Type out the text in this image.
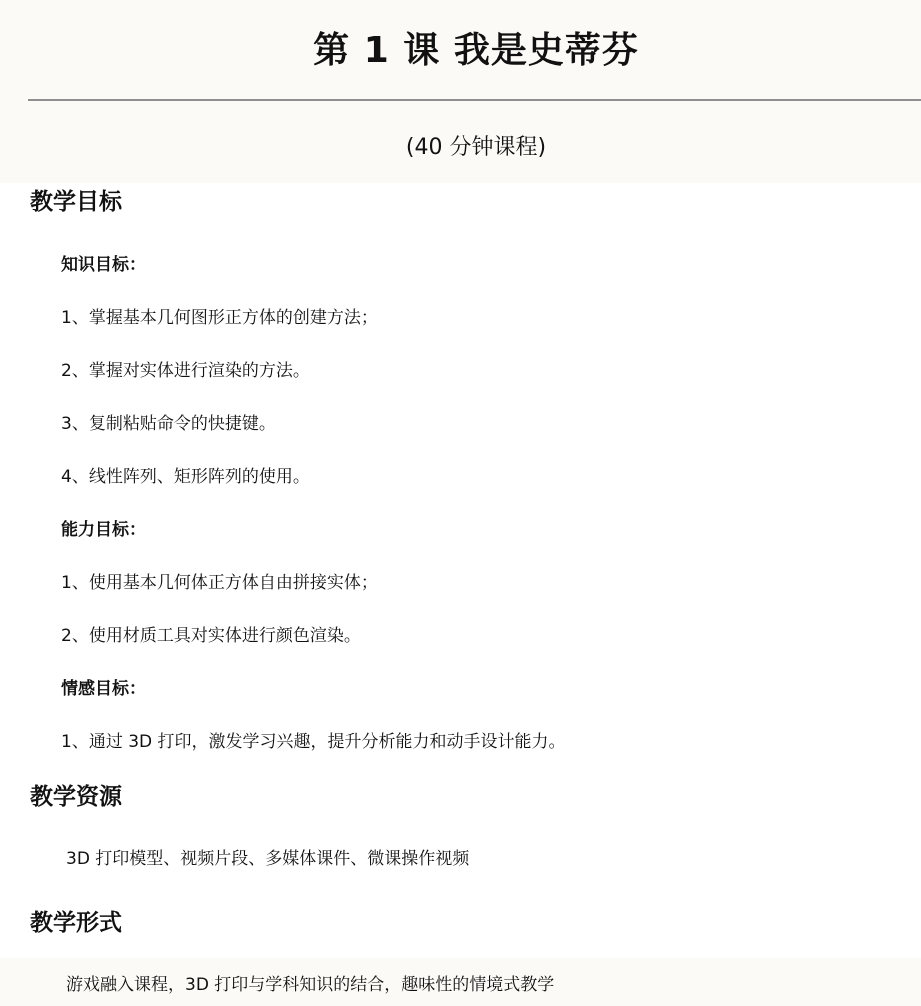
第 1 课 我是史蒂芬
(40 分钟课程)
教学目标
知识目标：
1、掌握基本几何图形正方体的创建方法；
2、掌握对实体进行渲染的方法。
3、复制粘贴命令的快捷键。
4、线性阵列、矩形阵列的使用。
能力目标：
1、使用基本几何体正方体自由拼接实体；
2、使用材质工具对实体进行颜色渲染。
情感目标：
1、通过 3D 打印，激发学习兴趣，提升分析能力和动手设计能力。
教学资源
3D 打印模型、视频片段、多媒体课件、微课操作视频
教学形式
游戏融入课程，3D 打印与学科知识的结合，趣味性的情境式教学
